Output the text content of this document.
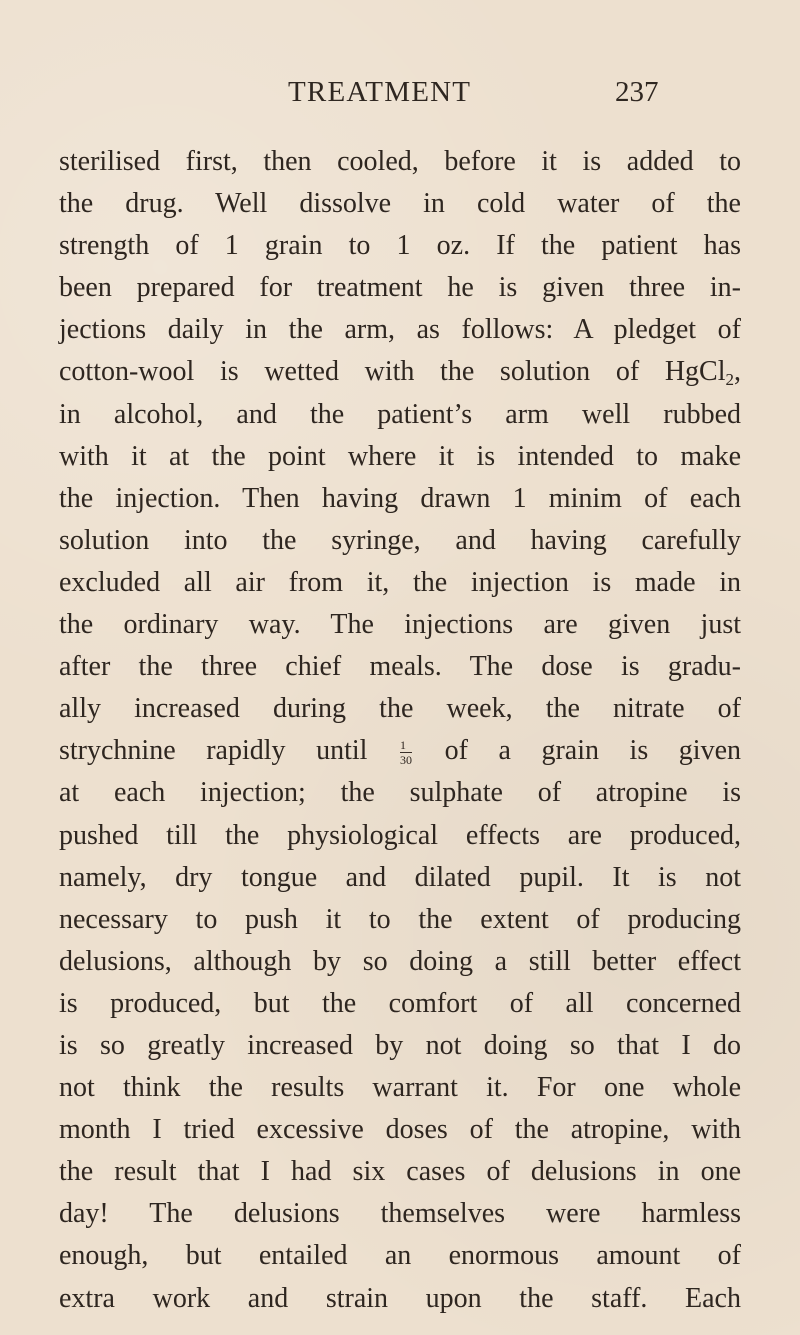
TREATMENT	237
sterilised first, then cooled, before it is added to
the drug. Well dissolve in cold water of the
strength of 1 grain to 1 oz. If the patient has
been prepared for treatment he is given three in-
jections daily in the arm, as follows: A pledget of
cotton-wool is wetted with the solution of HgCl2,
in alcohol, and the patient’s arm well rubbed
with it at the point where it is intended to make
the injection. Then having drawn 1 minim of each
solution into the syringe, and having carefully
excluded all air from it, the injection is made in
the ordinary way. The injections are given just
after the three chief meals. The dose is gradu-
ally increased during the week, the nitrate of
strychnine rapidly until	$\frac{1}{30}$ of a grain is given
at each injection; the sulphate of atropine is
pushed till the physiological effects are produced,
namely, dry tongue and dilated pupil. It is not
necessary to push it to the extent of producing
delusions, although by so doing a still better effect
is produced, but the comfort of all concerned
is so greatly increased by not doing so that I do
not think the results warrant it. For one whole
month I tried excessive doses of the atropine, with
the result that I had six cases of delusions in one
day! The delusions themselves were harmless
enough, but entailed an enormous amount of
extra work and strain upon the staff. Each
